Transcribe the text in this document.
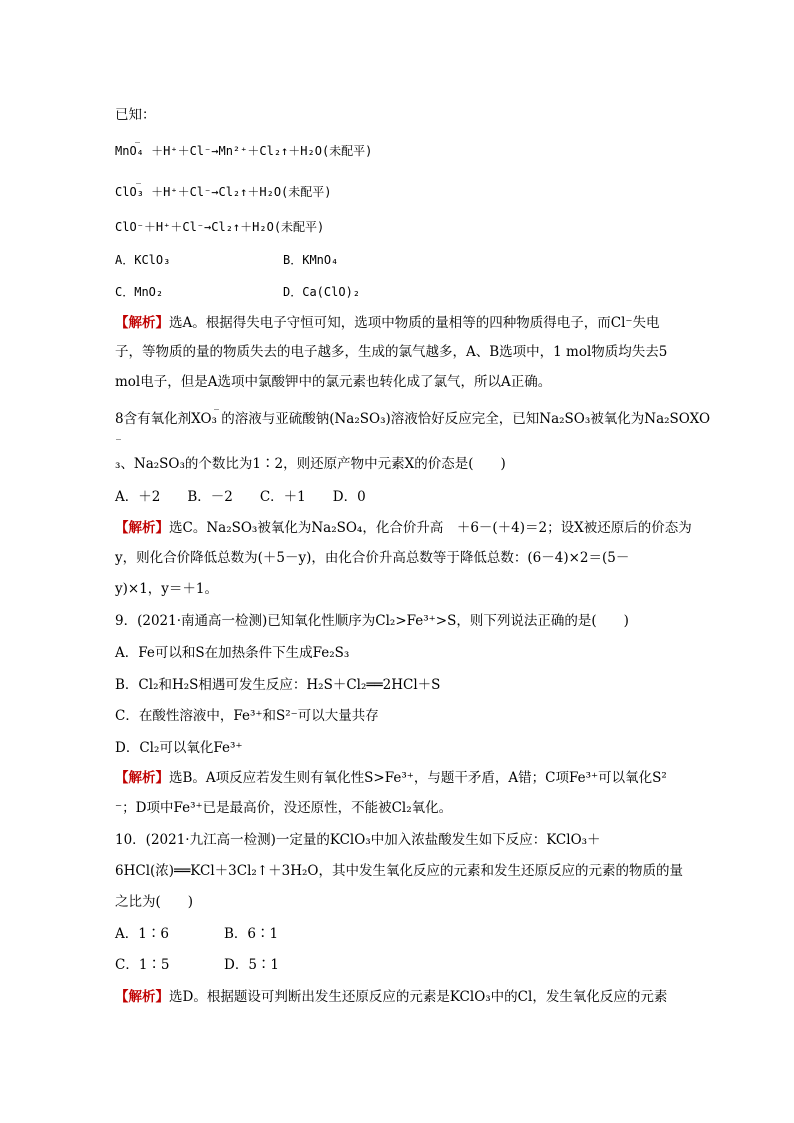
已知：
_
MnO₄ ＋H⁺＋Cl⁻→Mn²⁺＋Cl₂↑＋H₂O(未配平)
_
ClO₃ ＋H⁺＋Cl⁻→Cl₂↑＋H₂O(未配平)
ClO⁻＋H⁺＋Cl⁻→Cl₂↑＋H₂O(未配平)
A．KClO₃	B．KMnO₄
C．MnO₂	D．Ca(ClO)₂
【解析】选A。根据得失电子守恒可知，选项中物质的量相等的四种物质得电子，而Cl⁻失电
子，等物质的量的物质失去的电子越多，生成的氯气越多，A、B选项中，1 mol物质均失去5
mol电子，但是A选项中氯酸钾中的氯元素也转化成了氯气，所以A正确。
_
8含有氧化剂XO₃ 的溶液与亚硫酸钠(Na₂SO₃)溶液恰好反应完全，已知Na₂SO₃被氧化为Na₂SOXO
_
₃、Na₂SO₃的个数比为1∶2，则还原产物中元素X的价态是(　　)
A．＋2　　B．－2　　C．＋1　　D．0
【解析】选C。Na₂SO₃被氧化为Na₂SO₄，化合价升高　＋6－(＋4)＝2；设X被还原后的价态为
y，则化合价降低总数为(＋5－y)，由化合价升高总数等于降低总数：(6－4)×2＝(5－
y)×1，y＝＋1。
9．(2021·南通高一检测)已知氧化性顺序为Cl₂>Fe³⁺>S，则下列说法正确的是(　　)
A．Fe可以和S在加热条件下生成Fe₂S₃
B．Cl₂和H₂S相遇可发生反应：H₂S＋Cl₂══2HCl＋S
C．在酸性溶液中，Fe³⁺和S²⁻可以大量共存
D．Cl₂可以氧化Fe³⁺
【解析】选B。A项反应若发生则有氧化性S>Fe³⁺，与题干矛盾，A错；C项Fe³⁺可以氧化S²
⁻；D项中Fe³⁺已是最高价，没还原性，不能被Cl₂氧化。
10．(2021·九江高一检测)一定量的KClO₃中加入浓盐酸发生如下反应：KClO₃＋
6HCl(浓)══KCl＋3Cl₂↑＋3H₂O，其中发生氧化反应的元素和发生还原反应的元素的物质的量
之比为(　　)
A．1∶6	B．6∶1
C．1∶5	D．5∶1
【解析】选D。根据题设可判断出发生还原反应的元素是KClO₃中的Cl，发生氧化反应的元素
